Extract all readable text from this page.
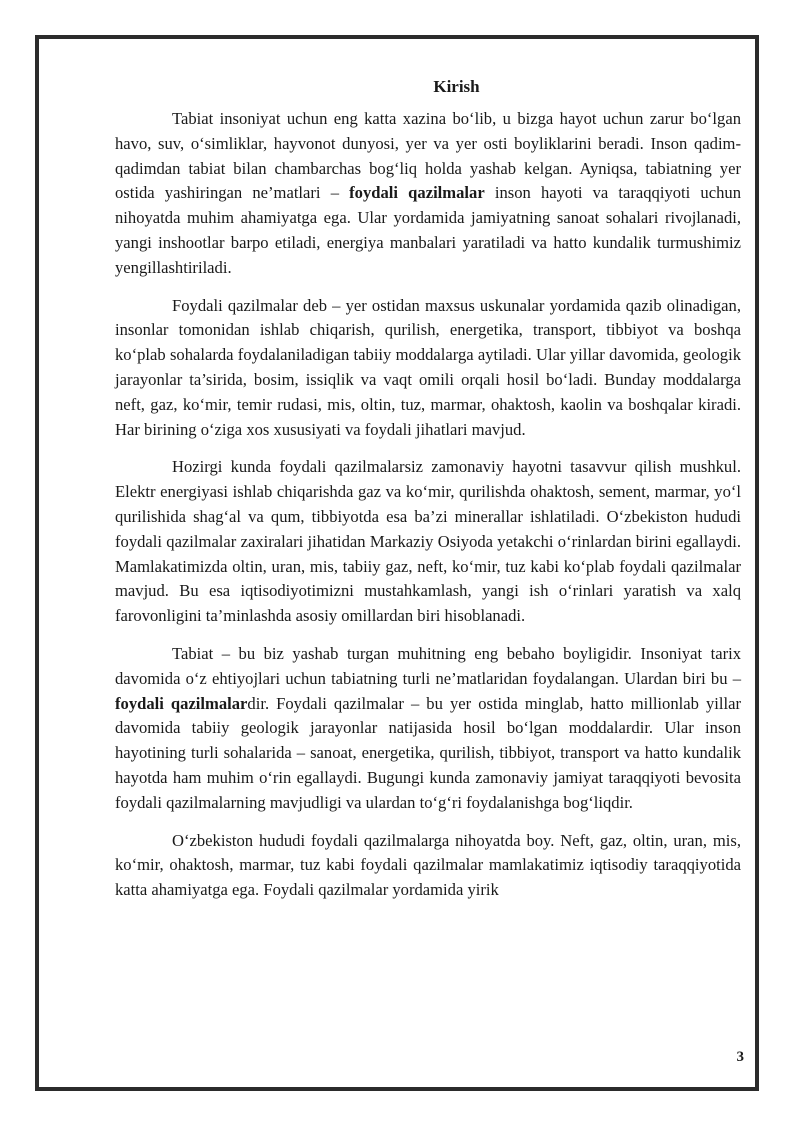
Kirish

Tabiat insoniyat uchun eng katta xazina bo‘lib, u bizga hayot uchun zarur bo‘lgan havo, suv, o‘simliklar, hayvonot dunyosi, yer va yer osti boyliklarini beradi. Inson qadim-qadimdan tabiat bilan chambarchas bog‘liq holda yashab kelgan. Ayniqsa, tabiatning yer ostida yashiringan ne’matlari – foydali qazilmalar inson hayoti va taraqqiyoti uchun nihoyatda muhim ahamiyatga ega. Ular yordamida jamiyatning sanoat sohalari rivojlanadi, yangi inshootlar barpo etiladi, energiya manbalari yaratiladi va hatto kundalik turmushimiz yengillashtiriladi.

Foydali qazilmalar deb – yer ostidan maxsus uskunalar yordamida qazib olinadigan, insonlar tomonidan ishlab chiqarish, qurilish, energetika, transport, tibbiyot va boshqa ko‘plab sohalarda foydalaniladigan tabiiy moddalarga aytiladi. Ular yillar davomida, geologik jarayonlar ta’sirida, bosim, issiqlik va vaqt omili orqali hosil bo‘ladi. Bunday moddalarga neft, gaz, ko‘mir, temir rudasi, mis, oltin, tuz, marmar, ohaktosh, kaolin va boshqalar kiradi. Har birining o‘ziga xos xususiyati va foydali jihatlari mavjud.

Hozirgi kunda foydali qazilmalarsiz zamonaviy hayotni tasavvur qilish mushkul. Elektr energiyasi ishlab chiqarishda gaz va ko‘mir, qurilishda ohaktosh, sement, marmar, yo‘l qurilishida shag‘al va qum, tibbiyotda esa ba’zi minerallar ishlatiladi. O‘zbekiston hududi foydali qazilmalar zaxiralari jihatidan Markaziy Osiyoda yetakchi o‘rinlardan birini egallaydi. Mamlakatimizda oltin, uran, mis, tabiiy gaz, neft, ko‘mir, tuz kabi ko‘plab foydali qazilmalar mavjud. Bu esa iqtisodiyotimizni mustahkamlash, yangi ish o‘rinlari yaratish va xalq farovonligini ta’minlashda asosiy omillardan biri hisoblanadi.

Tabiat – bu biz yashab turgan muhitning eng bebaho boyligidir. Insoniyat tarix davomida o‘z ehtiyojlari uchun tabiatning turli ne’matlaridan foydalangan. Ulardan biri bu – foydali qazilmalardir. Foydali qazilmalar – bu yer ostida minglab, hatto millionlab yillar davomida tabiiy geologik jarayonlar natijasida hosil bo‘lgan moddalardir. Ular inson hayotining turli sohalarida – sanoat, energetika, qurilish, tibbiyot, transport va hatto kundalik hayotda ham muhim o‘rin egallaydi. Bugungi kunda zamonaviy jamiyat taraqqiyoti bevosita foydali qazilmalarning mavjudligi va ulardan to‘g‘ri foydalanishga bog‘liqdir.

O‘zbekiston hududi foydali qazilmalarga nihoyatda boy. Neft, gaz, oltin, uran, mis, ko‘mir, ohaktosh, marmar, tuz kabi foydali qazilmalar mamlakatimiz iqtisodiy taraqqiyotida katta ahamiyatga ega. Foydali qazilmalar yordamida yirik

3
